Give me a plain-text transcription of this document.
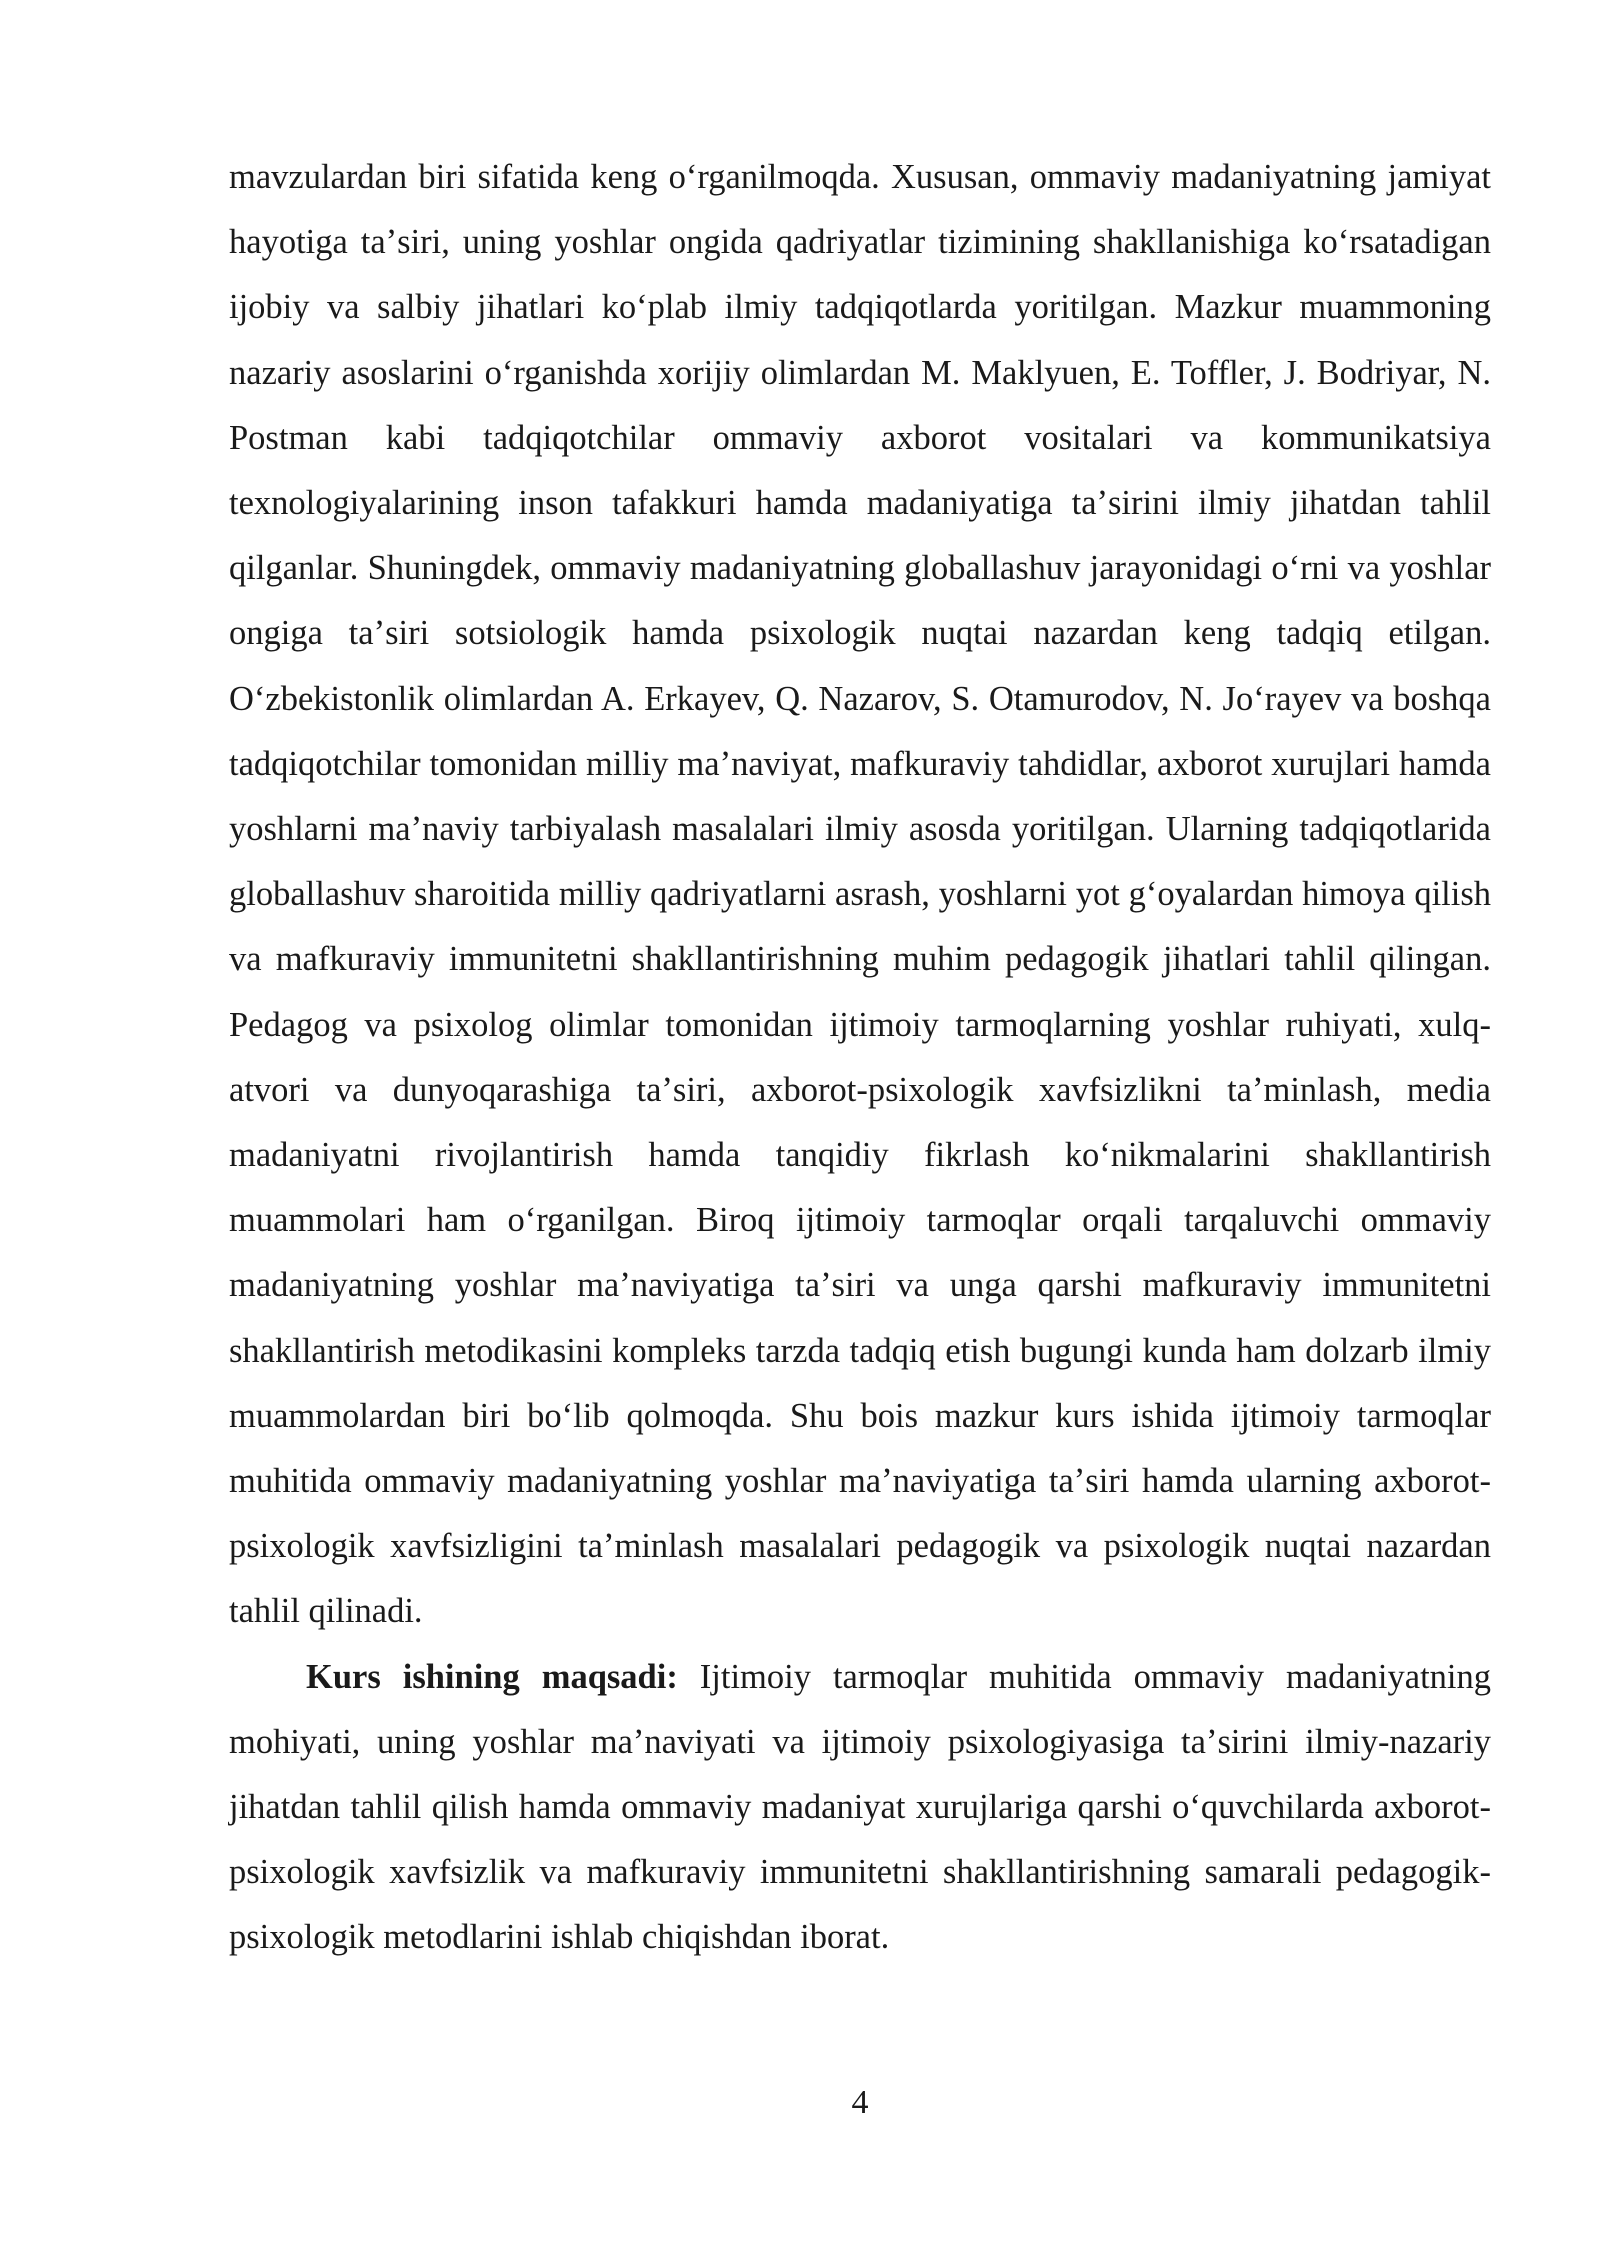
mavzulardan biri sifatida keng oʻrganilmoqda. Xususan, ommaviy madaniyatning jamiyat hayotiga taʼsiri, uning yoshlar ongida qadriyatlar tizimining shakllanishiga koʻrsatadigan ijobiy va salbiy jihatlari koʻplab ilmiy tadqiqotlarda yoritilgan. Mazkur muammoning nazariy asoslarini oʻrganishda xorijiy olimlardan M. Maklyuen, E. Toffler, J. Bodriyar, N. Postman kabi tadqiqotchilar ommaviy axborot vositalari va kommunikatsiya texnologiyalarining inson tafakkuri hamda madaniyatiga taʼsirini ilmiy jihatdan tahlil qilganlar. Shuningdek, ommaviy madaniyatning globallashuv jarayonidagi oʻrni va yoshlar ongiga taʼsiri sotsiologik hamda psixologik nuqtai nazardan keng tadqiq etilgan. Oʻzbekistonlik olimlardan A. Erkayev, Q. Nazarov, S. Otamurodov, N. Joʻrayev va boshqa tadqiqotchilar tomonidan milliy maʼnaviyat, mafkuraviy tahdidlar, axborot xurujlari hamda yoshlarni maʼnaviy tarbiyalash masalalari ilmiy asosda yoritilgan. Ularning tadqiqotlarida globallashuv sharoitida milliy qadriyatlarni asrash, yoshlarni yot gʻoyalardan himoya qilish va mafkuraviy immunitetni shakllantirishning muhim pedagogik jihatlari tahlil qilingan. Pedagog va psixolog olimlar tomonidan ijtimoiy tarmoqlarning yoshlar ruhiyati, xulq-atvori va dunyoqarashiga taʼsiri, axborot-psixologik xavfsizlikni taʼminlash, media madaniyatni rivojlantirish hamda tanqidiy fikrlash koʻnikmalarini shakllantirish muammolari ham oʻrganilgan. Biroq ijtimoiy tarmoqlar orqali tarqaluvchi ommaviy madaniyatning yoshlar maʼnaviyatiga taʼsiri va unga qarshi mafkuraviy immunitetni shakllantirish metodikasini kompleks tarzda tadqiq etish bugungi kunda ham dolzarb ilmiy muammolardan biri boʻlib qolmoqda. Shu bois mazkur kurs ishida ijtimoiy tarmoqlar muhitida ommaviy madaniyatning yoshlar maʼnaviyatiga taʼsiri hamda ularning axborot-psixologik xavfsizligini taʼminlash masalalari pedagogik va psixologik nuqtai nazardan tahlil qilinadi.

Kurs ishining maqsadi: Ijtimoiy tarmoqlar muhitida ommaviy madaniyatning mohiyati, uning yoshlar maʼnaviyati va ijtimoiy psixologiyasiga taʼsirini ilmiy-nazariy jihatdan tahlil qilish hamda ommaviy madaniyat xurujlariga qarshi oʻquvchilarda axborot-psixologik xavfsizlik va mafkuraviy immunitetni shakllantirishning samarali pedagogik-psixologik metodlarini ishlab chiqishdan iborat.

4
